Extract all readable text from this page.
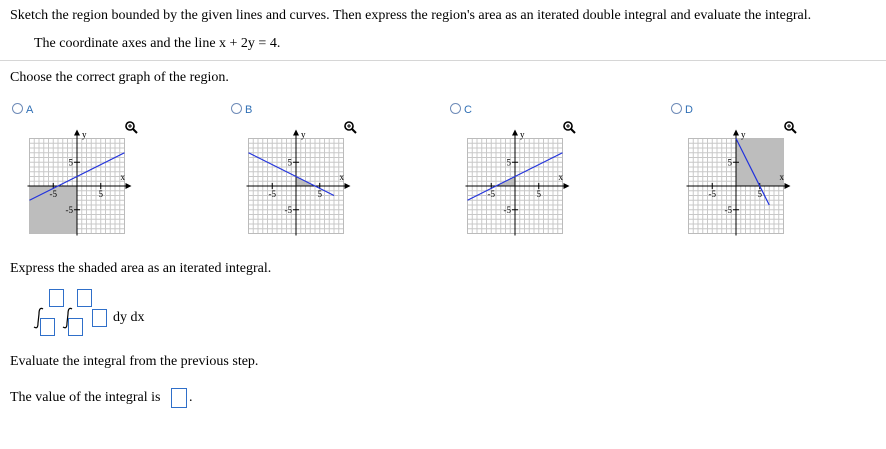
Sketch the region bounded by the given lines and curves. Then express the region's area as an iterated double integral and evaluate the integral.
The coordinate axes and the line x + 2y = 4.
Choose the correct graph of the region.
A
y
x
5
-5
-5	5
B
y
x
5
-5
-5	5
C
y
x
5
-5
-5	5
D
y
x
5
-5
-5	5
Express the shaded area as an iterated integral.
dy dx
Evaluate the integral from the previous step.
The value of the integral is .
